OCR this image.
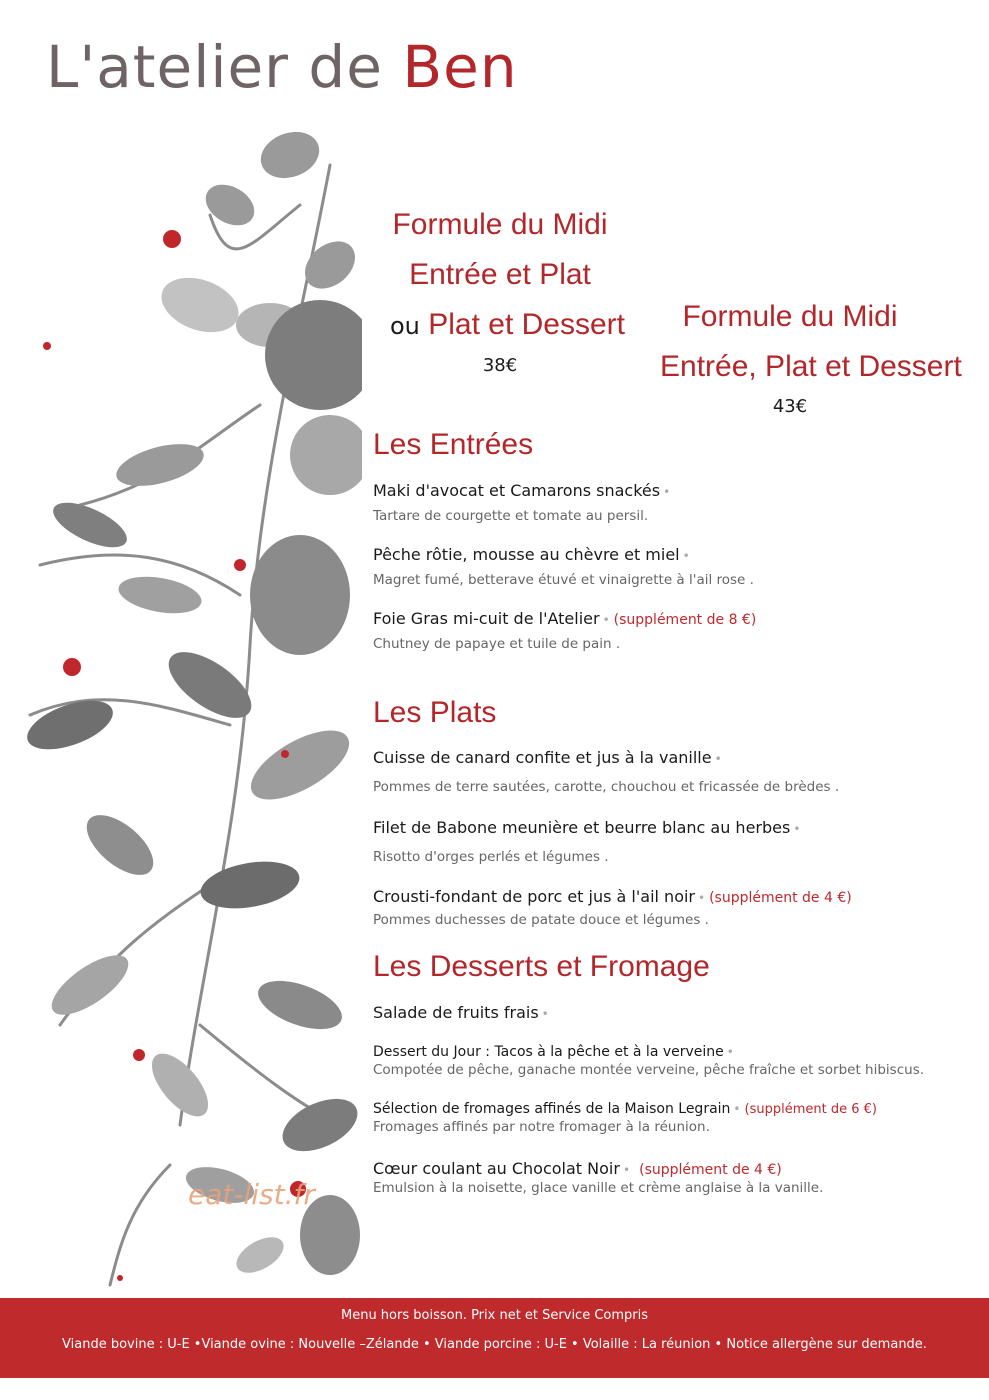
L'atelier de Ben
eat-list.fr
Formule du Midi
Entrée et Plat
ou Plat et Dessert
38€
Formule du Midi
Entrée, Plat et Dessert
43€
Les Entrées
Maki d'avocat et Camarons snackés •
Tartare de courgette et tomate au persil.
Pêche rôtie, mousse au chèvre et miel •
Magret fumé, betterave étuvé et vinaigrette à l'ail rose .
Foie Gras mi-cuit de l'Atelier • (supplément de 8 €)
Chutney de papaye et tuile de pain .
Les Plats
Cuisse de canard confite et jus à la vanille •
Pommes de terre sautées, carotte, chouchou et fricassée de brèdes .
Filet de Babone meunière et beurre blanc au herbes •
Risotto d'orges perlés et légumes .
Crousti-fondant de porc et jus à l'ail noir • (supplément de 4 €)
Pommes duchesses de patate douce et légumes .
Les Desserts et Fromage
Salade de fruits frais •
Dessert du Jour : Tacos à la pêche et à la verveine •
Compotée de pêche, ganache montée verveine, pêche fraîche et sorbet hibiscus.
Sélection de fromages affinés de la Maison Legrain • (supplément de 6 €)
Fromages affinés par notre fromager à la réunion.
Cœur coulant au Chocolat Noir • (supplément de 4 €)
Emulsion à la noisette, glace vanille et crème anglaise à la vanille.
Menu hors boisson. Prix net et Service Compris
Viande bovine : U-E •Viande ovine : Nouvelle –Zélande • Viande porcine : U-E • Volaille : La réunion • Notice allergène sur demande.
